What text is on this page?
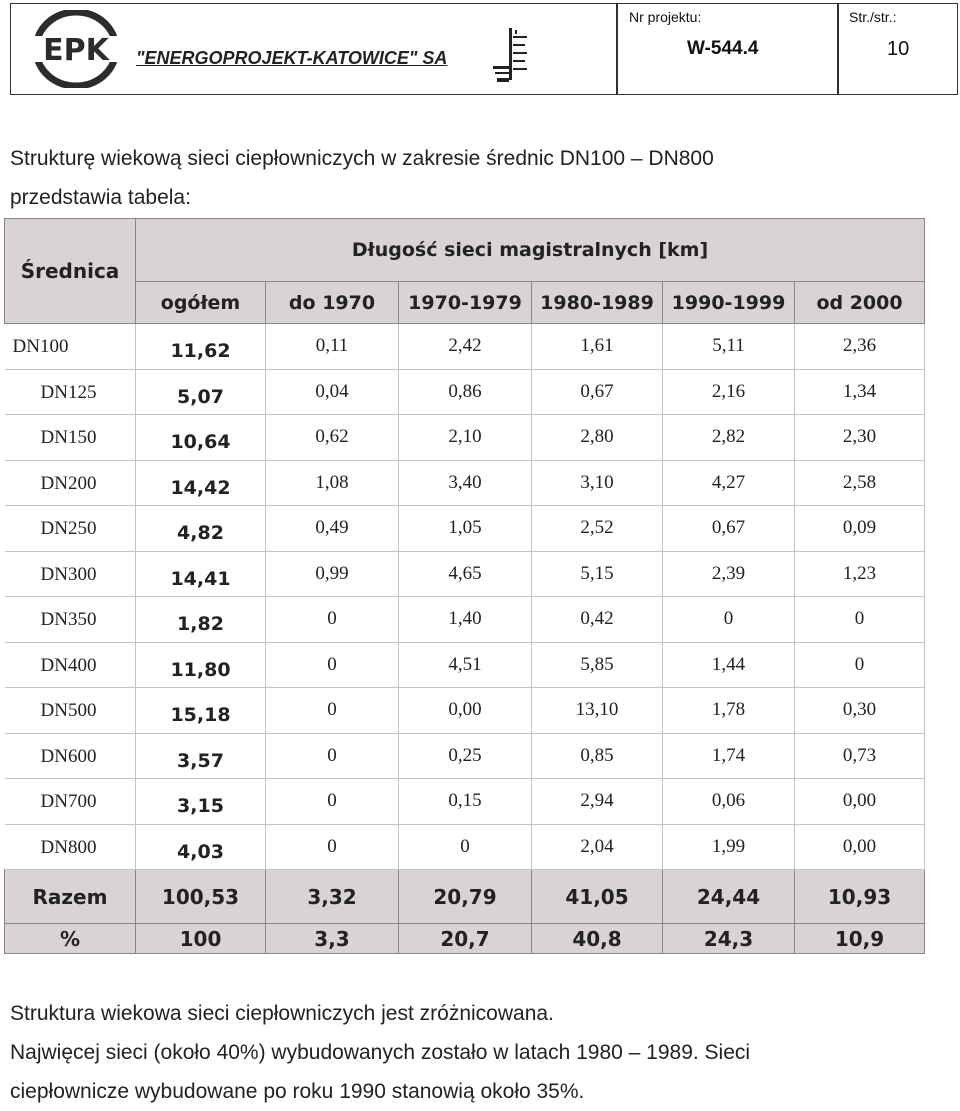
EPK "ENERGOPROJEKT-KATOWICE" SA
Nr projektu:
W-544.4
Str./str.:
10
Strukturę wiekową sieci ciepłowniczych w zakresie średnic DN100 – DN800
przedstawia tabela:
Średnica	Długość sieci magistralnych [km]					
	ogółem	do 1970	1970-1979	1980-1989	1990-1999	od 2000
DN100	11,62	0,11	2,42	1,61	5,11	2,36
DN125	5,07	0,04	0,86	0,67	2,16	1,34
DN150	10,64	0,62	2,10	2,80	2,82	2,30
DN200	14,42	1,08	3,40	3,10	4,27	2,58
DN250	4,82	0,49	1,05	2,52	0,67	0,09
DN300	14,41	0,99	4,65	5,15	2,39	1,23
DN350	1,82	0	1,40	0,42	0	0
DN400	11,80	0	4,51	5,85	1,44	0
DN500	15,18	0	0,00	13,10	1,78	0,30
DN600	3,57	0	0,25	0,85	1,74	0,73
DN700	3,15	0	0,15	2,94	0,06	0,00
DN800	4,03	0	0	2,04	1,99	0,00
Razem	100,53	3,32	20,79	41,05	24,44	10,93
%	100	3,3	20,7	40,8	24,3	10,9
Struktura wiekowa sieci ciepłowniczych jest zróżnicowana.
Najwięcej sieci (około 40%) wybudowanych zostało w latach 1980 – 1989. Sieci
ciepłownicze wybudowane po roku 1990 stanowią około 35%.
